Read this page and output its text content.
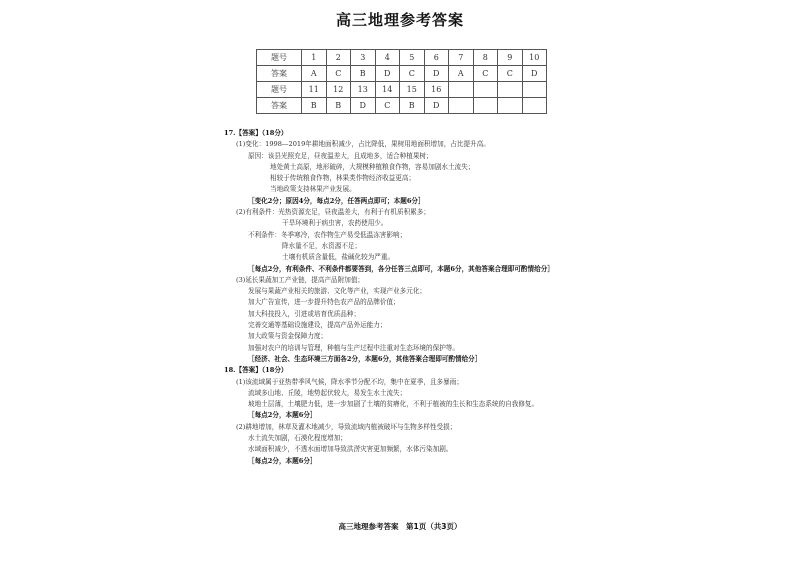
高三地理参考答案
题号	1	2	3	4	5	6	7	8	9	10
答案	A	C	B	D	C	D	A	C	C	D
题号	11	12	13	14	15	16				
答案	B	B	D	C	B	D				
17.【答案】（18分）
(1)变化：1998—2019年耕地面积减少，占比降低，果树用地面积增加，占比提升高。
原因：该县光照充足，昼夜温差大，且成地多，适合种植果树；
地处黄土高原，地形破碎，大规模种植粮食作物，容易加剧水土流失；
相较于传统粮食作物，林果类作物经济收益更高；
当地政策支持林果产业发展。
［变化2分；原因4分，每点2分，任答两点即可；本题6分］
(2)有利条件：光热资源充足，昼夜温差大，有利于有机质积累多；
干旱环境利于病虫害，农药使用少。
不利条件：冬季寒冷，农作物生产易受低温冻害影响；
降水量不足，水资源不足；
土壤有机质含量低，盐碱化较为严重。
［每点2分，有利条件、不利条件都要答到，各分任答三点即可，本题6分，其他答案合理即可酌情给分］
(3)延长果蔬加工产业链，提高产品附加值；
发展与果蔬产业相关的旅游、文化等产业，实现产业多元化；
加大广告宣传，进一步提升特色农产品的品牌价值；
加大科技投入，引进或培育优质品种；
完善交通等基础设施建设，提高产品外运能力；
加大政策与资金保障力度；
加强对农户的培训与管理，种植与生产过程中注重对生态环境的保护等。
［经济、社会、生态环境三方面各2分，本题6分，其他答案合理即可酌情给分］
18.【答案】（18分）
(1)该流域属于亚热带季风气候，降水季节分配不均，集中在夏季，且多暴雨；
流域多山地、丘陵，地势起伏较大，易发生水土流失；
坡地土层薄，土壤肥力低，进一步加剧了土壤的贫瘠化，不利于植被的生长和生态系统的自我修复。
［每点2分，本题6分］
(2)耕地增加，林草及灌木地减少，导致流域内植被破坏与生物多样性受损；
水土流失加剧，石漠化程度增加；
水域面积减少，不透水面增加导致洪涝灾害更加频繁，水体污染加剧。
［每点2分，本题6分］
高三地理参考答案　第1页（共3页）
